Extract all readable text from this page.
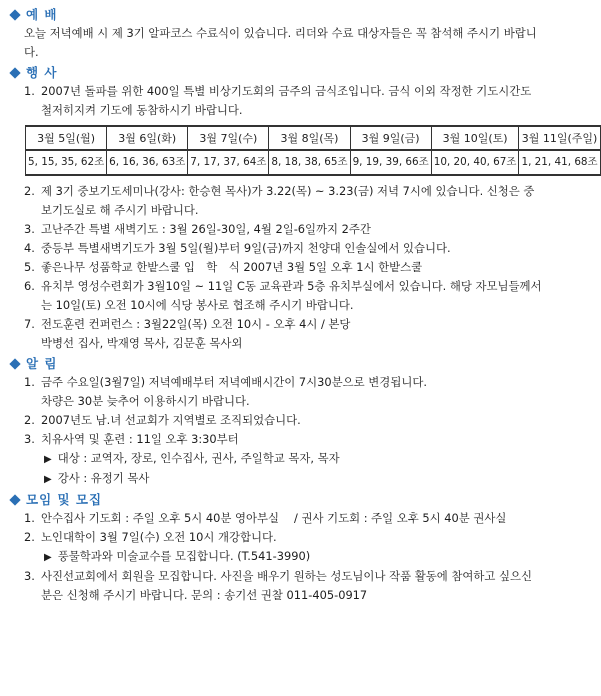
예 배
오늘 저녁예배 시 제 3기 알파코스 수료식이 있습니다. 리더와 수료 대상자들은 꼭 참석해 주시기 바랍니다.
행 사
1. 2007년 돌파를 위한 400일 특별 비상기도회의 금주의 금식조입니다. 금식 이외 작정한 기도시간도 철저히지켜 기도에 동참하시기 바랍니다.
3월 5일(월)	3월 6일(화)	3월 7일(수)	3월 8일(목)	3월 9일(금)	3월 10일(토)	3월 11일(주일)
5, 15, 35, 62조	6, 16, 36, 63조	7, 17, 37, 64조	8, 18, 38, 65조	9, 19, 39, 66조	10, 20, 40, 67조	1, 21, 41, 68조
2. 제 3기 중보기도세미나(강사: 한승현 목사)가 3.22(목) ~ 3.23(금) 저녁 7시에 있습니다. 신청은 중보기도실로 해 주시기 바랍니다.
3. 고난주간 특별 새벽기도 : 3월 26일-30일, 4월 2일-6일까지 2주간
4. 중등부 특별새벽기도가 3월 5일(월)부터 9일(금)까지 천양대 인솔실에서 있습니다.
5. 좋은나무 성품학교 한밭스쿨 입　학　식 2007년 3월 5일 오후 1시 한밭스쿨
6. 유치부 영성수련회가 3월10일 ~ 11일 C동 교육관과 5층 유치부실에서 있습니다. 해당 자모님들께서는 10일(토) 오전 10시에 식당 봉사로 협조해 주시기 바랍니다.
7. 전도훈련 컨퍼런스 : 3월22일(목) 오전 10시 - 오후 4시 / 본당
박병선 집사, 박재영 목사, 김문훈 목사외
알 림
1. 금주 수요일(3월7일) 저녁예배부터 저녁예배시간이 7시30분으로 변경됩니다.
차량은 30분 늦추어 이용하시기 바랍니다.
2. 2007년도 남.녀 선교회가 지역별로 조직되었습니다.
3. 치유사역 및 훈련 : 11일 오후 3:30부터
▶ 대상 : 교역자, 장로, 인수집사, 권사, 주일학교 목자, 목자
▶ 강사 : 유정기 목사
모임 및 모집
1. 안수집사 기도회 : 주일 오후 5시 40분 영아부실　 / 권사 기도회 : 주일 오후 5시 40분 권사실
2. 노인대학이 3월 7일(수) 오전 10시 개강합니다.
▶ 풍물학과와 미술교수를 모집합니다. (T.541-3990)
3. 사진선교회에서 회원을 모집합니다. 사진을 배우기 원하는 성도님이나 작품 활동에 참여하고 싶으신 분은 신청해 주시기 바랍니다. 문의 : 송기선 권찰 011-405-0917
